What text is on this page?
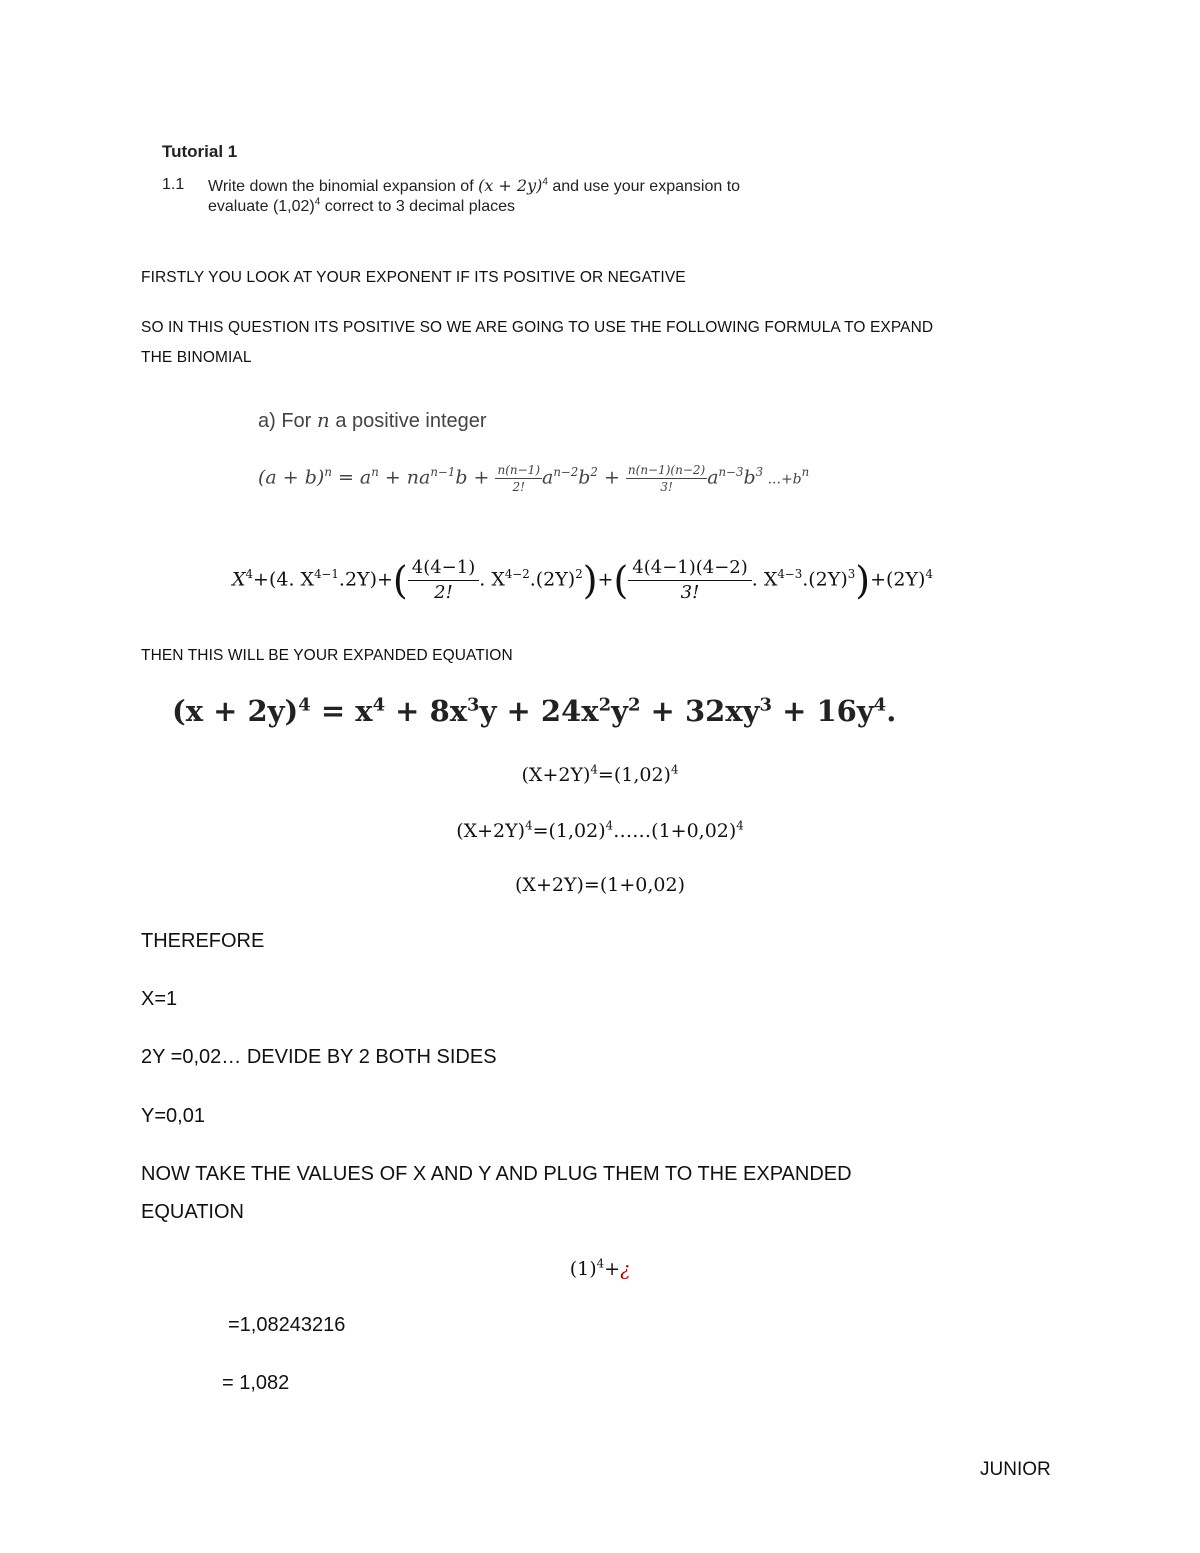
Tutorial 1
1.1 Write down the binomial expansion of $(x + 2y)^4$ and use your expansion to
evaluate $(1,02)^4$ correct to 3 decimal places
FIRSTLY YOU LOOK AT YOUR EXPONENT IF ITS POSITIVE OR NEGATIVE
SO IN THIS QUESTION ITS POSITIVE SO WE ARE GOING TO USE THE FOLLOWING FORMULA TO EXPAND
THE BINOMIAL
a) For n a positive integer
$(a + b)^n = a^n + na^{n-1}b + \frac{n(n-1)}{2!} a^{n-2}b^2 + \frac{n(n-1)(n-2)}{3!} a^{n-3}b^3$ $...+b^n$
$X^4+(4$. $X^{4-1}.2Y)+( \frac{4(4-1)}{2!}$ . $X^{4-2}.(2Y)^2)+( \frac{4(4-1)(4-2)}{3!}$ . $X^{4-3}.(2Y)^3)+(2Y)^4$
THEN THIS WILL BE YOUR EXPANDED EQUATION
$(x + 2y)^4 = x^4 + 8x^3y + 24x^2y^2 + 32xy^3 + 16y^4$.
$(X+2Y)^4=(1,02)^4$
$(X+2Y)^4=(1,02)^4\dots\dots(1+0,02)^4$
(X+2Y)=(1+0,02)
THEREFORE
X=1
2Y =0,02… DEVIDE BY 2 BOTH SIDES
Y=0,01
NOW TAKE THE VALUES OF X AND Y AND PLUG THEM TO THE EXPANDED
EQUATION
$(1)^4+¿$
=1,08243216
= 1,082
JUNIOR
